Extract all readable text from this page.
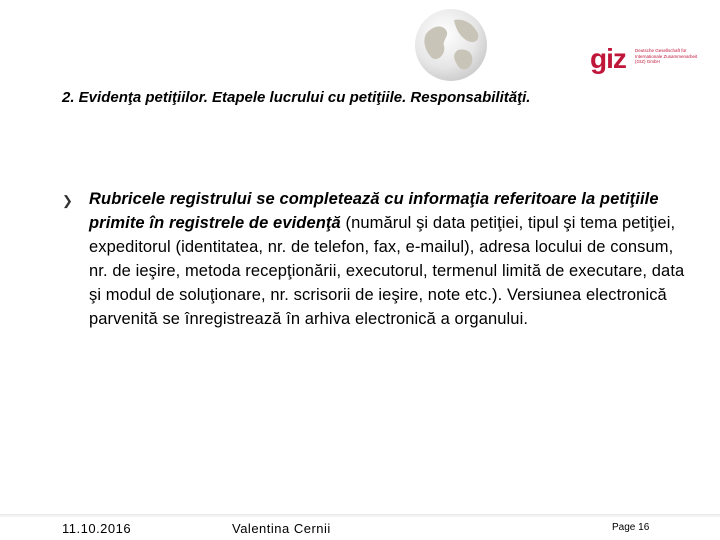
giz Deutsche Gesellschaft für Internationale Zusammenarbeit (GIZ) GmbH
2. Evidenţa petiţiilor. Etapele lucrului cu petiţiile. Responsabilităţi.
❯ Rubricele registrului se completează cu informaţia referitoare la petiţiile primite în registrele de evidenţă (numărul şi data petiţiei, tipul şi tema petiţiei, expeditorul (identitatea, nr. de telefon, fax, e-mailul), adresa locului de consum, nr. de ieşire, metoda recepţionării, executorul, termenul limită de executare, data şi modul de soluţionare, nr. scrisorii de ieşire, note etc.). Versiunea electronică parvenită se înregistrează în arhiva electronică a organului.

11.10.2016	Valentina Cernii	Page 16
